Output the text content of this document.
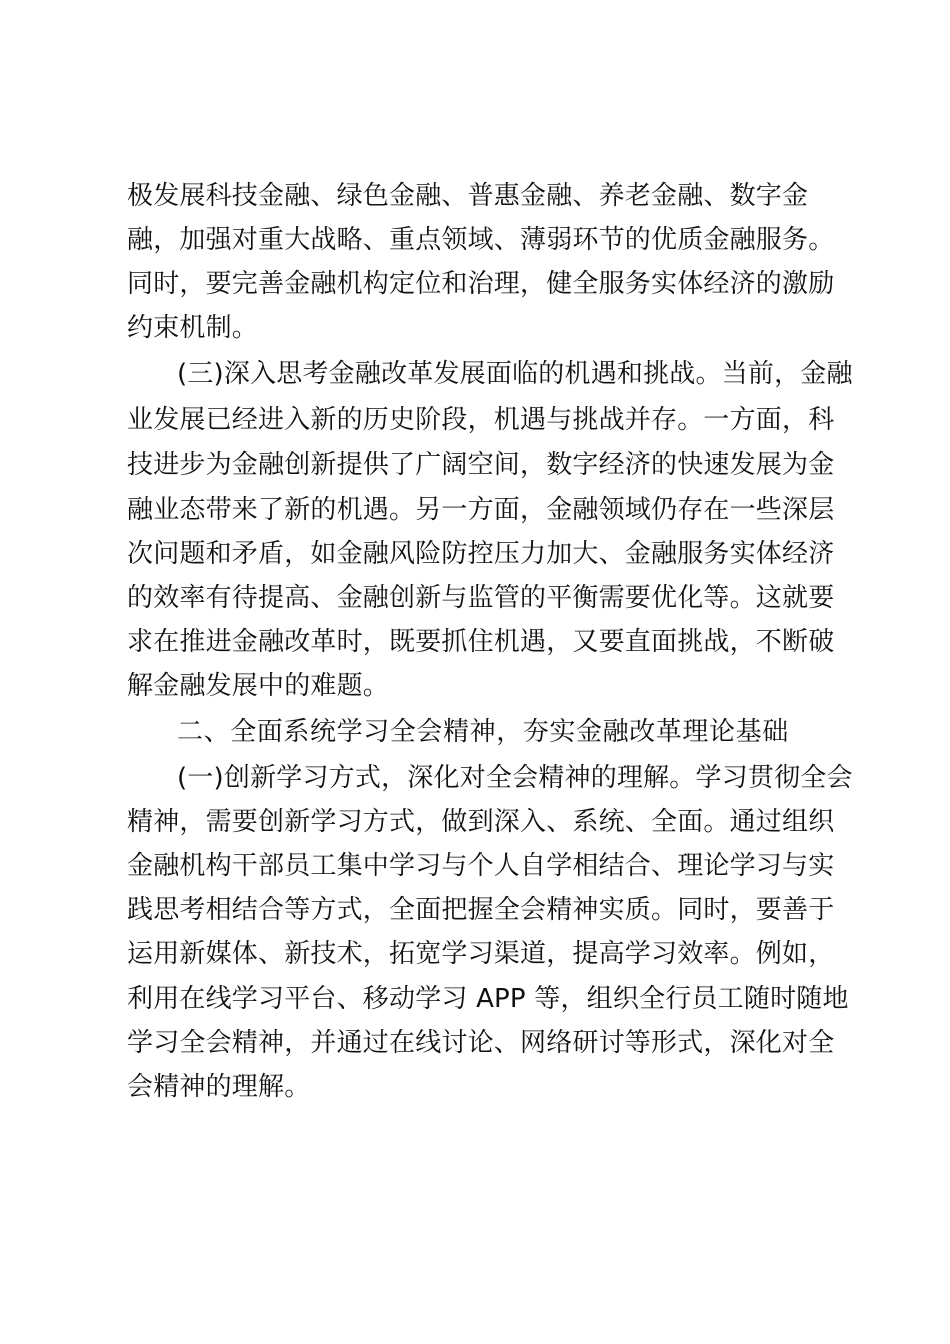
极发展科技金融、绿色金融、普惠金融、养老金融、数字金
融，加强对重大战略、重点领域、薄弱环节的优质金融服务。
同时，要完善金融机构定位和治理，健全服务实体经济的激励
约束机制。
(三)深入思考金融改革发展面临的机遇和挑战。当前，金融
业发展已经进入新的历史阶段，机遇与挑战并存。一方面，科
技进步为金融创新提供了广阔空间，数字经济的快速发展为金
融业态带来了新的机遇。另一方面，金融领域仍存在一些深层
次问题和矛盾，如金融风险防控压力加大、金融服务实体经济
的效率有待提高、金融创新与监管的平衡需要优化等。这就要
求在推进金融改革时，既要抓住机遇，又要直面挑战，不断破
解金融发展中的难题。
二、全面系统学习全会精神，夯实金融改革理论基础
(一)创新学习方式，深化对全会精神的理解。学习贯彻全会
精神，需要创新学习方式，做到深入、系统、全面。通过组织
金融机构干部员工集中学习与个人自学相结合、理论学习与实
践思考相结合等方式，全面把握全会精神实质。同时，要善于
运用新媒体、新技术，拓宽学习渠道，提高学习效率。例如，
利用在线学习平台、移动学习 APP 等，组织全行员工随时随地
学习全会精神，并通过在线讨论、网络研讨等形式，深化对全
会精神的理解。
